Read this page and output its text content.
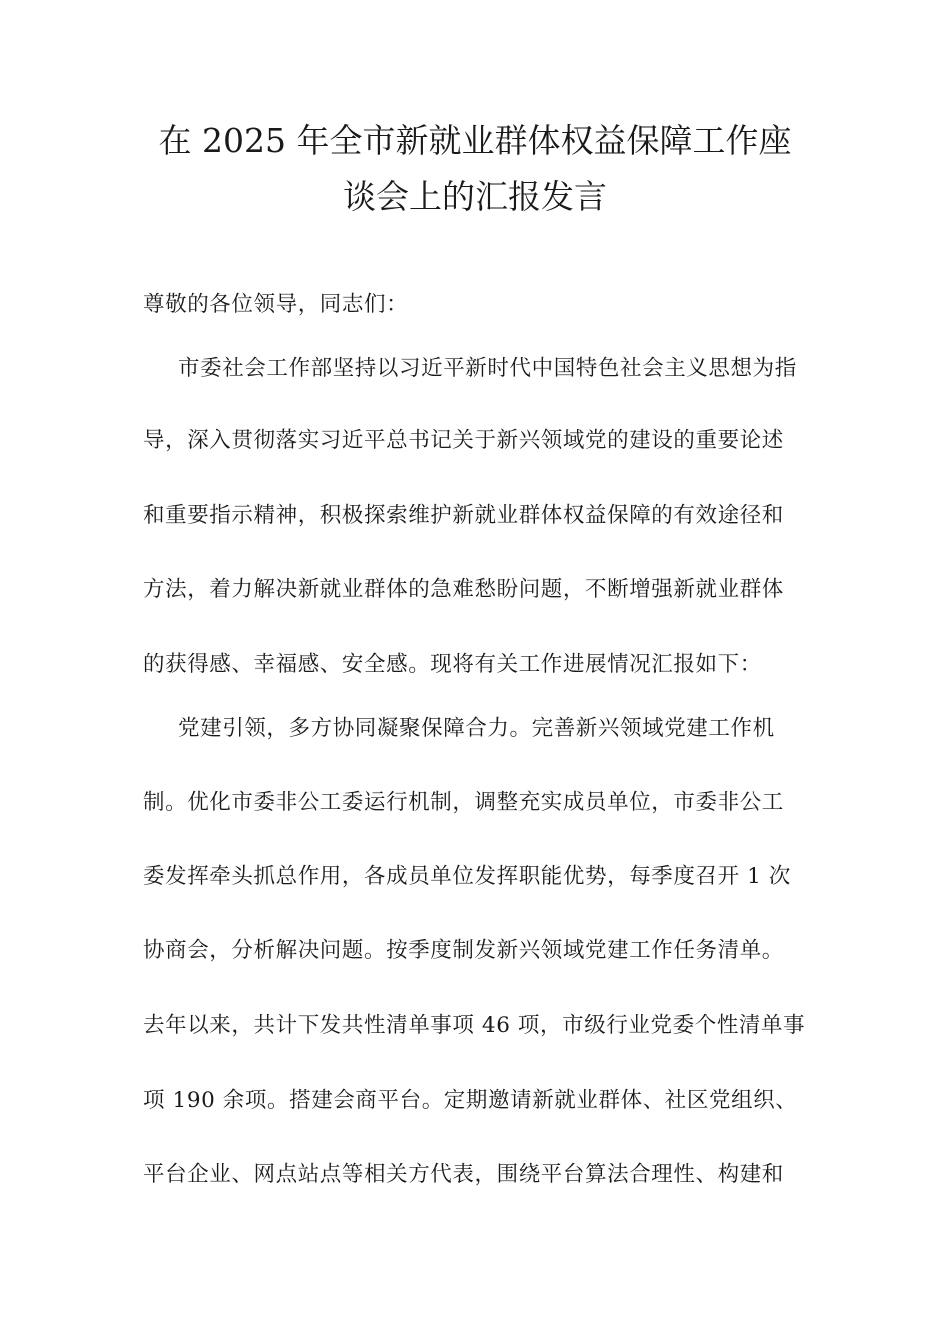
在 2025 年全市新就业群体权益保障工作座
谈会上的汇报发言
尊敬的各位领导，同志们：
市委社会工作部坚持以习近平新时代中国特色社会主义思想为指
导，深入贯彻落实习近平总书记关于新兴领域党的建设的重要论述
和重要指示精神，积极探索维护新就业群体权益保障的有效途径和
方法，着力解决新就业群体的急难愁盼问题，不断增强新就业群体
的获得感、幸福感、安全感。现将有关工作进展情况汇报如下：
党建引领，多方协同凝聚保障合力。完善新兴领域党建工作机
制。优化市委非公工委运行机制，调整充实成员单位，市委非公工
委发挥牵头抓总作用，各成员单位发挥职能优势，每季度召开 1 次
协商会，分析解决问题。按季度制发新兴领域党建工作任务清单。
去年以来，共计下发共性清单事项 46 项，市级行业党委个性清单事
项 190 余项。搭建会商平台。定期邀请新就业群体、社区党组织、
平台企业、网点站点等相关方代表，围绕平台算法合理性、构建和
